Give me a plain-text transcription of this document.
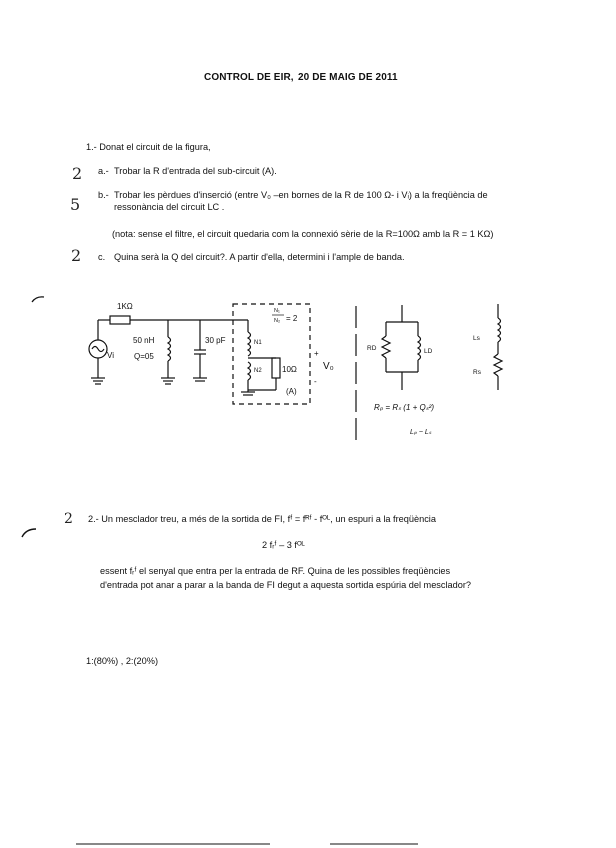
CONTROL DE EIR, 20 DE MAIG DE 2011
1.- Donat el circuit de la figura,
2 a.- Trobar la R d'entrada del sub-circuit (A).
5 b.- Trobar les pèrdues d'inserció (entre V₀ –en bornes de la R de 100 Ω- i Vᵢ) a la freqüència de
ressonància del circuit LC .
(nota: sense el filtre, el circuit quedaria com la connexió sèrie de la R=100Ω amb la R = 1 KΩ)
2 c. Quina serà la Q del circuit?. A partir d'ella, determini i l'ample de banda.
1KΩ
Vi
50 nH
Q=05
30 pF
N₁
N₂ = 2
N1
N2	10Ω
(A)
+
V₀
-
RD	LD
Ls
Rs
Rₚ = Rₛ (1 + Qₛ²)
Lₚ ~ Lₛ
2 2.- Un mesclador treu, a més de la sortida de FI, fᶠ = fᴿᶠ - fᴼᴸ, un espuri a la freqüència
2 fᵣᶠ – 3 fᴼᴸ
essent fᵣᶠ el senyal que entra per la entrada de RF. Quina de les possibles freqüències
d'entrada pot anar a parar a la banda de FI degut a aquesta sortida espúria del mesclador?
1:(80%) , 2:(20%)
